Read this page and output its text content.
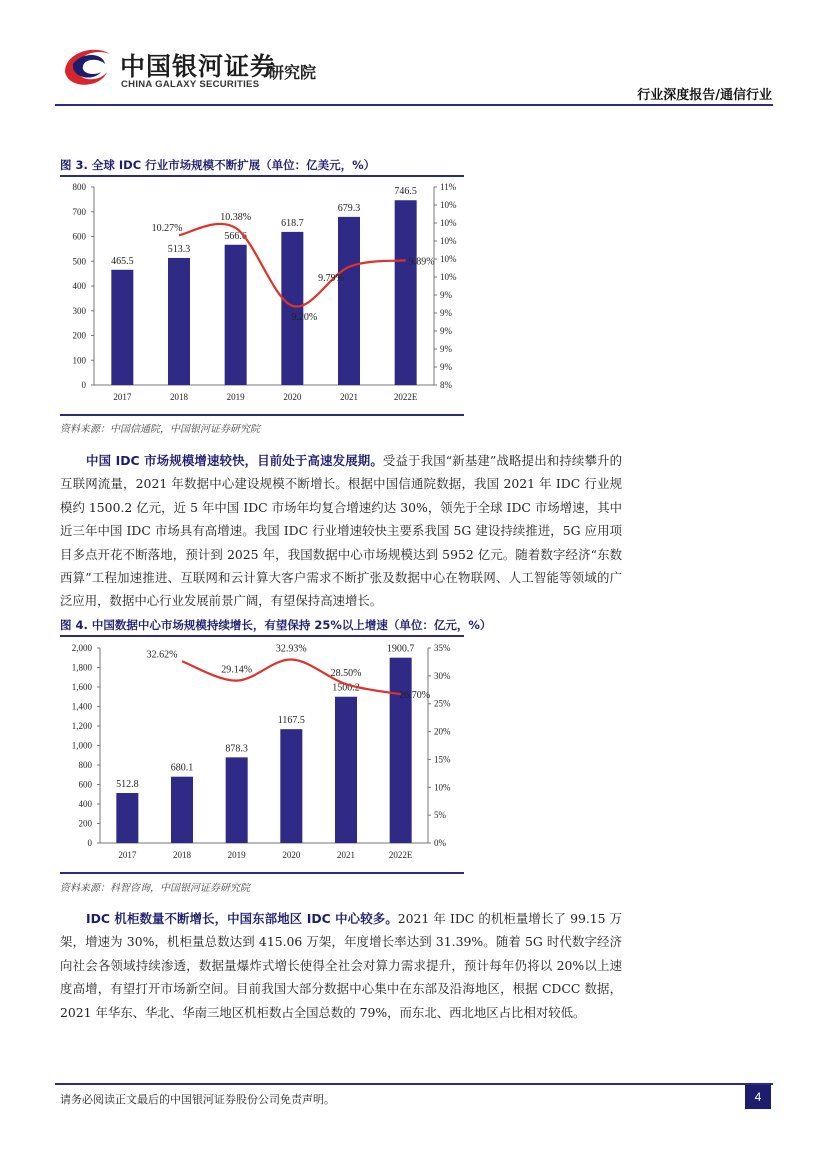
中国银河证券
CHINA GALAXY SECURITIES
研究院
行业深度报告/通信行业
图 3. 全球 IDC 行业市场规模不断扩展（单位：亿美元，%）
0
100
200
300
400
500
600
700
800
8%
9%
9%
9%
9%
9%
10%
10%
10%
10%
10%
11%
465.5
2017
513.3
2018
566.6
2019
618.7
2020
679.3
2021
746.5
2022E
10.27%
10.38%
9.20%
9.79%
9.89%
资料来源：中国信通院，中国银河证券研究院
中国 IDC 市场规模增速较快，目前处于高速发展期。受益于我国“新基建”战略提出和持续攀升的互联网流量，2021 年数据中心建设规模不断增长。根据中国信通院数据，我国 2021 年 IDC 行业规模约 1500.2 亿元，近 5 年中国 IDC 市场年均复合增速约达 30%，领先于全球 IDC 市场增速，其中近三年中国 IDC 市场具有高增速。我国 IDC 行业增速较快主要系我国 5G 建设持续推进，5G 应用项目多点开花不断落地，预计到 2025 年，我国数据中心市场规模达到 5952 亿元。随着数字经济“东数西算”工程加速推进、互联网和云计算大客户需求不断扩张及数据中心在物联网、人工智能等领域的广泛应用，数据中心行业发展前景广阔，有望保持高速增长。
图 4. 中国数据中心市场规模持续增长，有望保持 25%以上增速（单位：亿元，%）
0
200
400
600
800
1,000
1,200
1,400
1,600
1,800
2,000
0%
5%
10%
15%
20%
25%
30%
35%
512.8
2017
680.1
2018
878.3
2019
1167.5
2020
1500.2
2021
1900.7
2022E
32.62%
29.14%
32.93%
28.50%
26.70%
资料来源：科智咨询，中国银河证券研究院
IDC 机柜数量不断增长，中国东部地区 IDC 中心较多。2021 年 IDC 的机柜量增长了 99.15 万架，增速为 30%，机柜量总数达到 415.06 万架，年度增长率达到 31.39%。随着 5G 时代数字经济向社会各领域持续渗透，数据量爆炸式增长使得全社会对算力需求提升，预计每年仍将以 20%以上速度高增，有望打开市场新空间。目前我国大部分数据中心集中在东部及沿海地区，根据 CDCC 数据，2021 年华东、华北、华南三地区机柜数占全国总数的 79%，而东北、西北地区占比相对较低。
请务必阅读正文最后的中国银河证券股份公司免责声明。	4
